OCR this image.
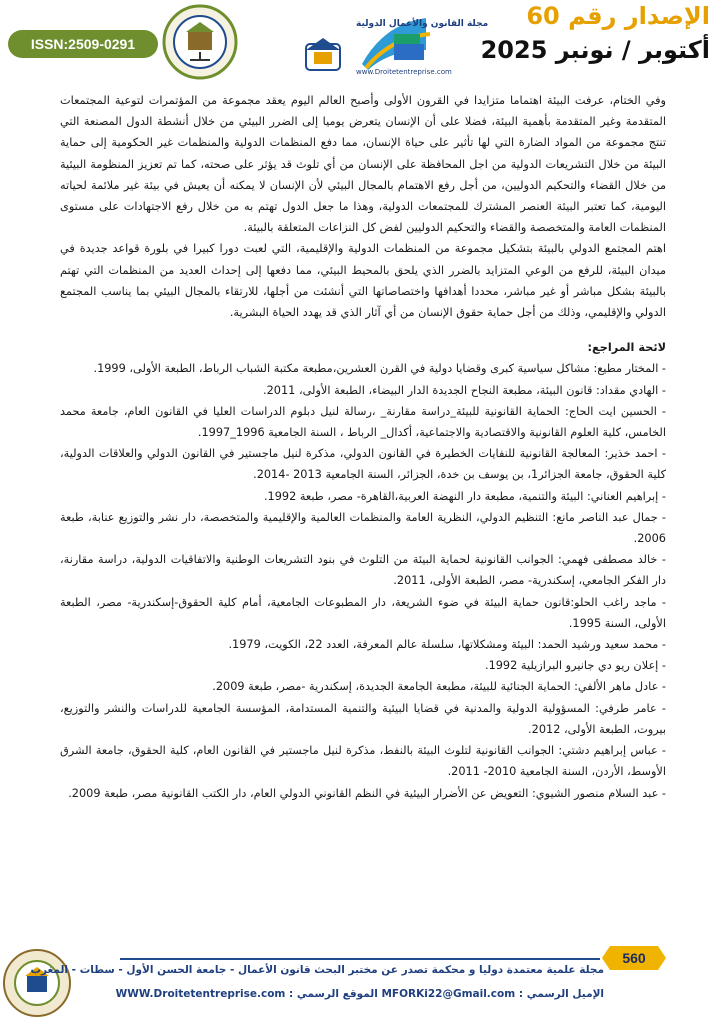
ISSN:2509-0291
مجلة القانون والأعمال الدولية
www.Droitetentreprise.com
الإصدار رقم 60
أكتوبر / نونبر 2025

وفي الختام، عرفت البيئة اهتماما متزايدا في القرون الأولى وأصبح العالم اليوم يعقد مجموعة من المؤتمرات لتوعية المجتمعات المتقدمة وغير المتقدمة بأهمية البيئة، فضلا على أن الإنسان يتعرض يوميا إلى الضرر البيئي من خلال أنشطة الدول المصنعة التي تنتج مجموعة من المواد الضارة التي لها تأثير على حياة الإنسان، مما دفع المنظمات الدولية والمنظمات غير الحكومية إلى حماية البيئة من خلال التشريعات الدولية من اجل المحافظة على الإنسان من أي تلوث قد يؤثر على صحته، كما تم تعزيز المنظومة البيئية من خلال القضاء والتحكيم الدوليين، من أجل رفع الاهتمام بالمجال البيئي لأن الإنسان لا يمكنه أن يعيش في بيئة غير ملائمة لحياته اليومية، كما تعتبر البيئة العنصر المشترك للمجتمعات الدولية، وهذا ما جعل الدول تهتم به من خلال رفع الاجتهادات على مستوى المنظمات العامة والمتخصصة والقضاء والتحكيم الدوليين لفض كل النزاعات المتعلقة بالبيئة.

اهتم المجتمع الدولي بالبيئة بتشكيل مجموعة من المنظمات الدولية والإقليمية، التي لعبت دورا كبيرا في بلورة قواعد جديدة في ميدان البيئة، للرفع من الوعي المتزايد بالضرر الذي يلحق بالمحيط البيئي، مما دفعها إلى إحداث العديد من المنظمات التي تهتم بالبيئة بشكل مباشر أو غير مباشر، محددا أهدافها واختصاصاتها التي أنشئت من أجلها، للارتقاء بالمجال البيئي بما يناسب المجتمع الدولي والإقليمي، وذلك من أجل حماية حقوق الإنسان من أي آثار الذي قد يهدد الحياة البشرية.

لائحة المراجع:

- المختار مطيع: مشاكل سياسية كبرى وقضايا دولية في القرن العشرين،مطبعة مكتبة الشباب الرباط، الطبعة الأولى، 1999.

- الهادي مقداد: قانون البيئة، مطبعة النجاح الجديدة الدار البيضاء، الطبعة الأولى، 2011.

- الحسين ايت الحاج: الحماية القانونية للبيئة_دراسة مقارنة_ ،رسالة لنيل دبلوم الدراسات العليا في القانون العام، جامعة محمد الخامس، كلية العلوم القانونية والاقتصادية والاجتماعية، أكدال_ الرباط ، السنة الجامعية 1996_1997.

- احمد خذير: المعالجة القانونية للنفايات الخطيرة في القانون الدولي، مذكرة لنيل ماجستير في القانون الدولي والعلاقات الدولية، كلية الحقوق، جامعة الجزائر1، بن يوسف بن خدة، الجزائر، السنة الجامعية 2013 -2014.

- إبراهيم العناني: البيئة والتنمية، مطبعة دار النهضة العربية،القاهرة- مصر، طبعة 1992.

- جمال عبد الناصر مانع: التنظيم الدولي، النظرية العامة والمنظمات العالمية والإقليمية والمتخصصة، دار نشر والتوزيع عنابة، طبعة 2006.

- خالد مصطفى فهمي: الجوانب القانونية لحماية البيئة من التلوث في بنود التشريعات الوطنية والاتفاقيات الدولية، دراسة مقارنة، دار الفكر الجامعي، إسكندرية- مصر، الطبعة الأولى، 2011.

- ماجد راغب الحلو:قانون حماية البيئة في ضوء الشريعة، دار المطبوعات الجامعية، أمام كلية الحقوق-إسكندرية- مصر، الطبعة الأولى، السنة 1995.

- محمد سعيد ورشيد الحمد: البيئة ومشكلاتها، سلسلة عالم المعرفة، العدد 22، الكويت، 1979.

- إعلان ريو دي جانيرو البرازيلية 1992.

- عادل ماهر الألفي: الحماية الجنائية للبيئة، مطبعة الجامعة الجديدة، إسكندرية -مصر، طبعة 2009.

- عامر طرفي: المسؤولية الدولية والمدنية في قضايا البيئية والتنمية المستدامة، المؤسسة الجامعية للدراسات والنشر والتوزيع، بيروت، الطبعة الأولى، 2012.

- عباس إبراهيم دشتي: الجوانب القانونية لتلوث البيئة بالنفط، مذكرة لنيل ماجستير في القانون العام، كلية الحقوق، جامعة الشرق الأوسط، الأردن، السنة الجامعية 2010- 2011.

- عبد السلام منصور الشيوي: التعويض عن الأضرار البيئية في النظم القانوني الدولي العام، دار الكتب القانونية مصر، طبعة 2009.

560
مجلة علمية معتمدة دوليا و محكمة تصدر عن مختبر البحث قانون الأعمال - جامعة الحسن الأول - سطات - المغرب
الإميل الرسمي : MFORKi22@Gmail.com الموقع الرسمي : WWW.Droitetentreprise.com
